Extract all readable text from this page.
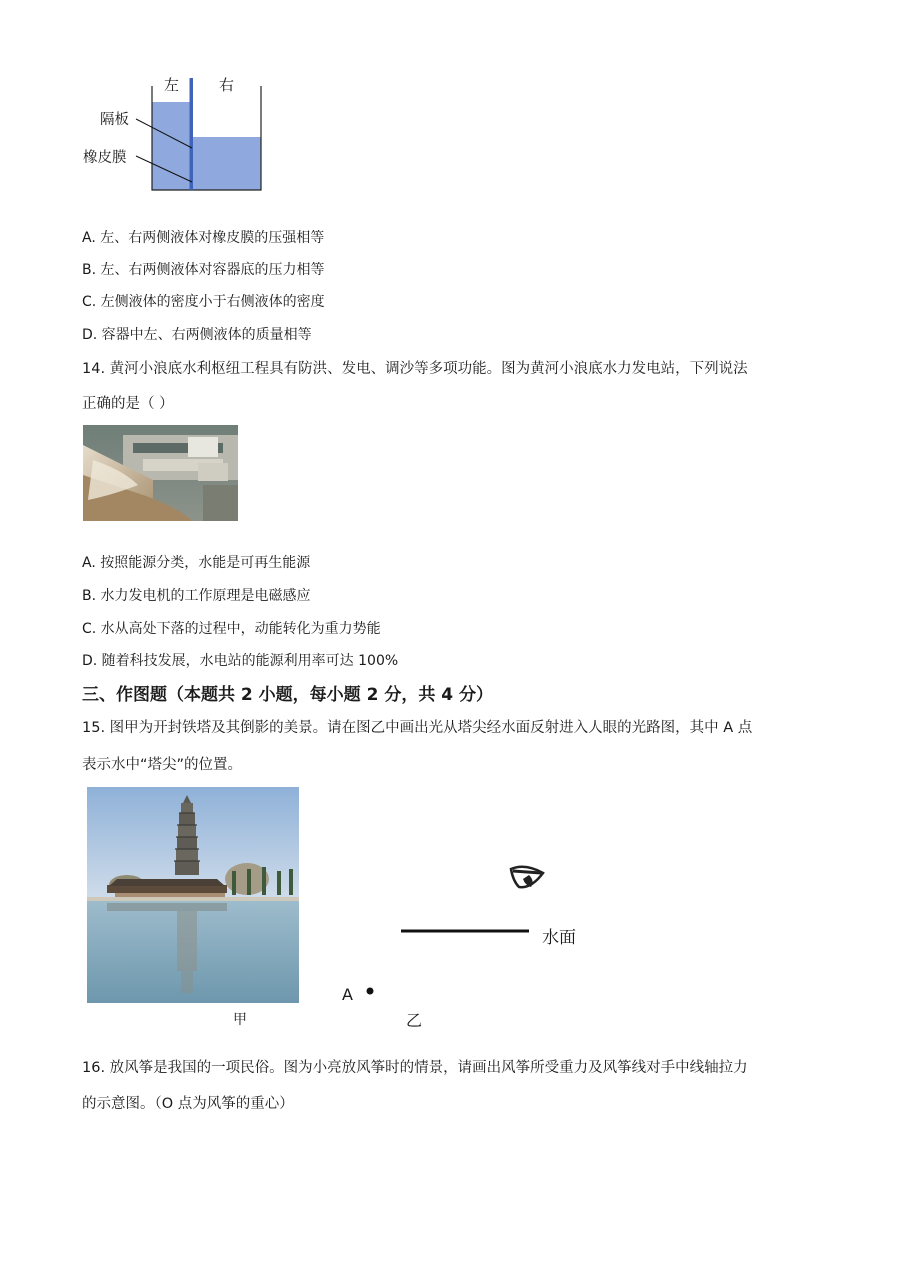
左	右
隔板
橡皮膜
A. 左、右两侧液体对橡皮膜的压强相等
B. 左、右两侧液体对容器底的压力相等
C. 左侧液体的密度小于右侧液体的密度
D. 容器中左、右两侧液体的质量相等
14. 黄河小浪底水利枢纽工程具有防洪、发电、调沙等多项功能。图为黄河小浪底水力发电站，下列说法
正确的是（ ）
A. 按照能源分类，水能是可再生能源
B. 水力发电机的工作原理是电磁感应
C. 水从高处下落的过程中，动能转化为重力势能
D. 随着科技发展，水电站的能源利用率可达 100%
三、作图题（本题共 2 小题，每小题 2 分，共 4 分）
15. 图甲为开封铁塔及其倒影的美景。请在图乙中画出光从塔尖经水面反射进入人眼的光路图，其中 A 点
表示水中“塔尖”的位置。
甲
水面
A
乙
16. 放风筝是我国的一项民俗。图为小亮放风筝时的情景，请画出风筝所受重力及风筝线对手中线轴拉力
的示意图。（O 点为风筝的重心）
